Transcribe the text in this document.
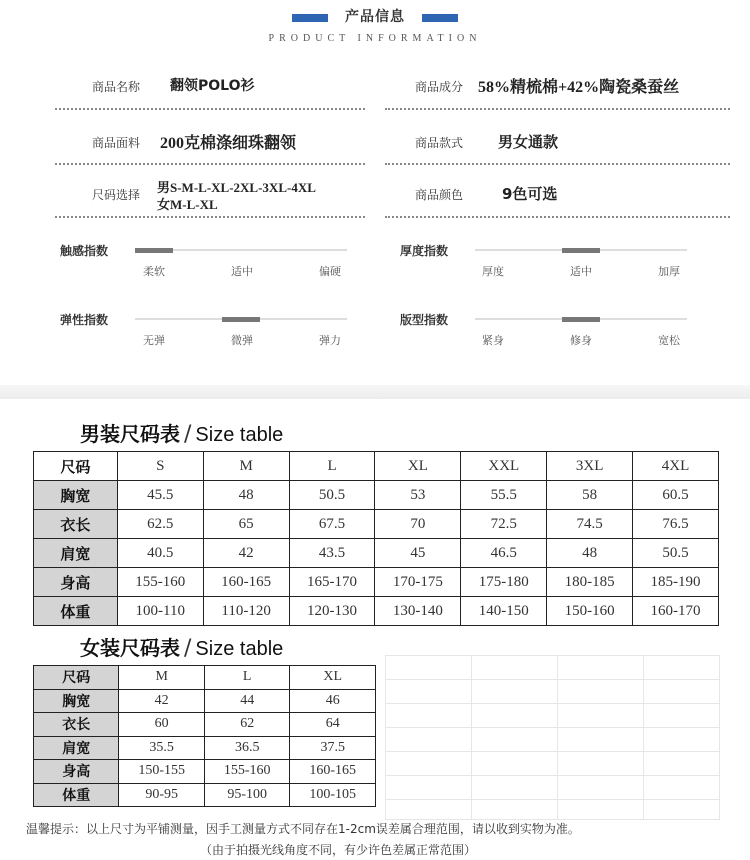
产品信息
PRODUCT INFORMATION
商品名称 翻领POLO衫	商品成分 58%精梳棉+42%陶瓷桑蚕丝
商品面料 200克棉涤细珠翻领	商品款式 男女通款
尺码选择 男S-M-L-XL-2XL-3XL-4XL
女M-L-XL
商品颜色	9色可选
触感指数
柔软	适中	偏硬
厚度指数
厚度	适中	加厚
弹性指数
无弹	微弹	弹力
版型指数
紧身	修身	宽松
男装尺码表 / Size table
尺码	S	M	L	XL	XXL	3XL	4XL
胸宽	45.5	48	50.5	53	55.5	58	60.5
衣长	62.5	65	67.5	70	72.5	74.5	76.5
肩宽	40.5	42	43.5	45	46.5	48	50.5
身高	155-160	160-165	165-170	170-175	175-180	180-185	185-190
体重	100-110	110-120	120-130	130-140	140-150	150-160	160-170
女装尺码表 / Size table
尺码	M	L	XL
胸宽	42	44	46
衣长	60	62	64
肩宽	35.5	36.5	37.5
身高	150-155	155-160	160-165
体重	90-95	95-100	100-105
温馨提示：以上尺寸为平铺测量，因手工测量方式不同存在1-2cm误差属合理范围，请以收到实物为准。
（由于拍摄光线角度不同，有少许色差属正常范围）
